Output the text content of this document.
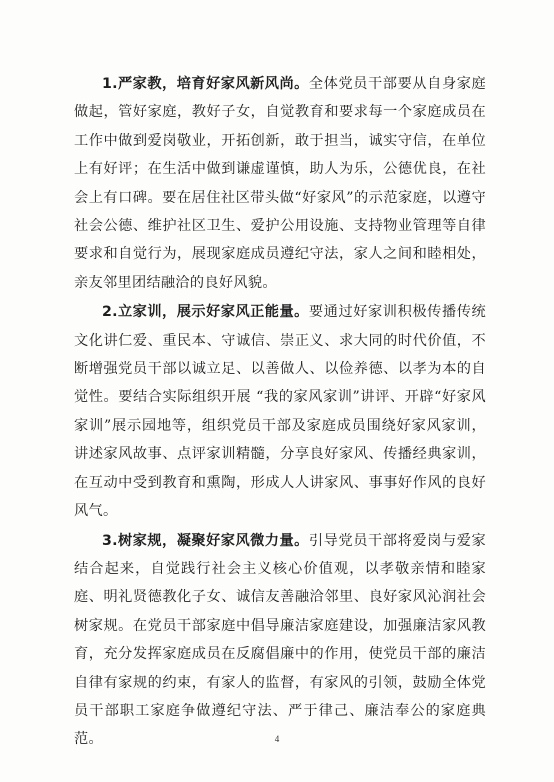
1.严家教，培育好家风新风尚。全体党员干部要从自身家庭做起，管好家庭，教好子女，自觉教育和要求每一个家庭成员在工作中做到爱岗敬业，开拓创新，敢于担当，诚实守信，在单位上有好评；在生活中做到谦虚谨慎，助人为乐，公德优良，在社会上有口碑。要在居住社区带头做“好家风”的示范家庭，以遵守社会公德、维护社区卫生、爱护公用设施、支持物业管理等自律要求和自觉行为，展现家庭成员遵纪守法，家人之间和睦相处，亲友邻里团结融洽的良好风貌。

2.立家训，展示好家风正能量。要通过好家训积极传播传统文化讲仁爱、重民本、守诚信、崇正义、求大同的时代价值，不断增强党员干部以诚立足、以善做人、以俭养德、以孝为本的自觉性。要结合实际组织开展 “我的家风家训”讲评、开辟“好家风家训”展示园地等，组织党员干部及家庭成员围绕好家风家训，讲述家风故事、点评家训精髓，分享良好家风、传播经典家训，在互动中受到教育和熏陶，形成人人讲家风、事事好作风的良好风气。

3.树家规，凝聚好家风微力量。引导党员干部将爱岗与爱家结合起来，自觉践行社会主义核心价值观，以孝敬亲情和睦家庭、明礼贤德教化子女、诚信友善融洽邻里、良好家风沁润社会树家规。在党员干部家庭中倡导廉洁家庭建设，加强廉洁家风教育，充分发挥家庭成员在反腐倡廉中的作用，使党员干部的廉洁自律有家规的约束，有家人的监督，有家风的引领，鼓励全体党员干部职工家庭争做遵纪守法、严于律己、廉洁奉公的家庭典范。	4
